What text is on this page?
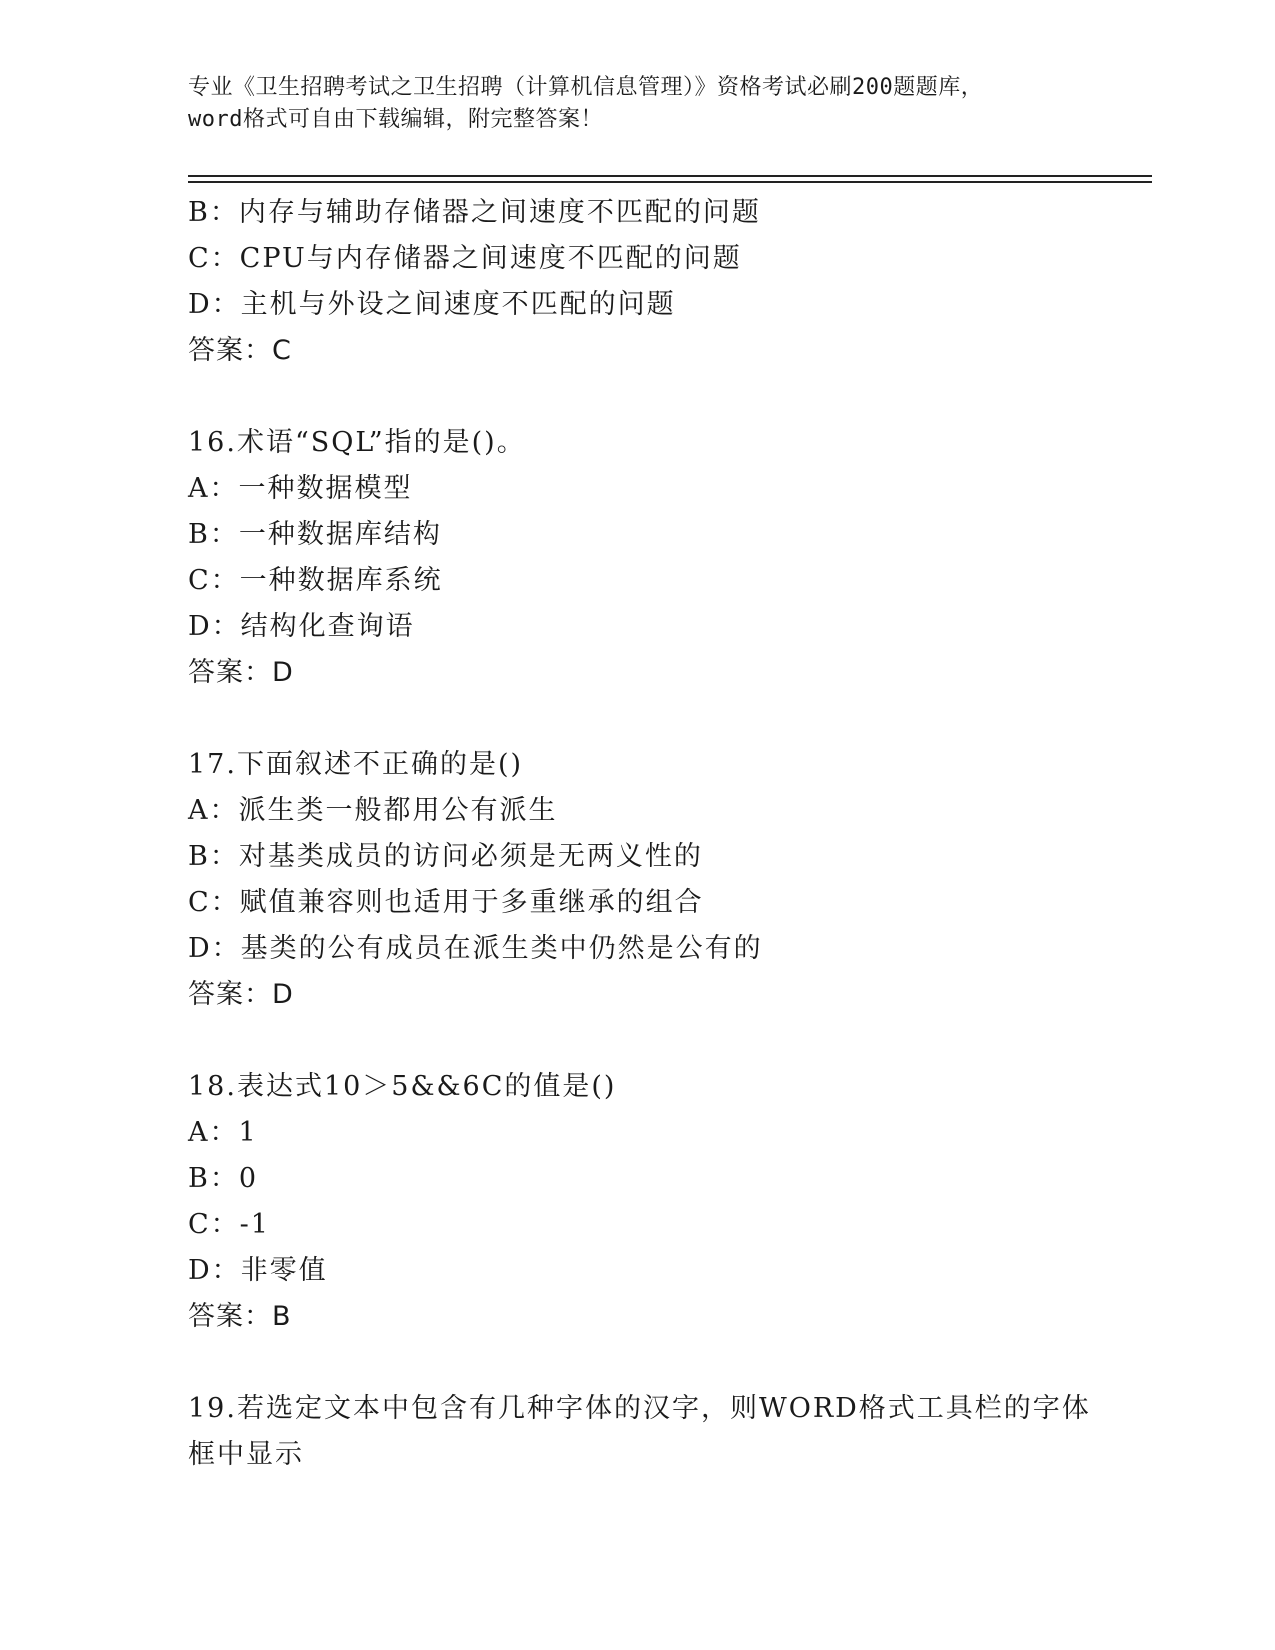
专业《卫生招聘考试之卫生招聘（计算机信息管理）》资格考试必刷200题题库，
word格式可自由下载编辑，附完整答案！
B：内存与辅助存储器之间速度不匹配的问题
C：CPU与内存储器之间速度不匹配的问题
D：主机与外设之间速度不匹配的问题
答案：C
16.术语“SQL”指的是()。
A：一种数据模型
B：一种数据库结构
C：一种数据库系统
D：结构化查询语
答案：D
17.下面叙述不正确的是()
A：派生类一般都用公有派生
B：对基类成员的访问必须是无两义性的
C：赋值兼容则也适用于多重继承的组合
D：基类的公有成员在派生类中仍然是公有的
答案：D
18.表达式10＞5&&6C的值是()
A：1
B：0
C：-1
D：非零值
答案：B
19.若选定文本中包含有几种字体的汉字，则WORD格式工具栏的字体
框中显示
